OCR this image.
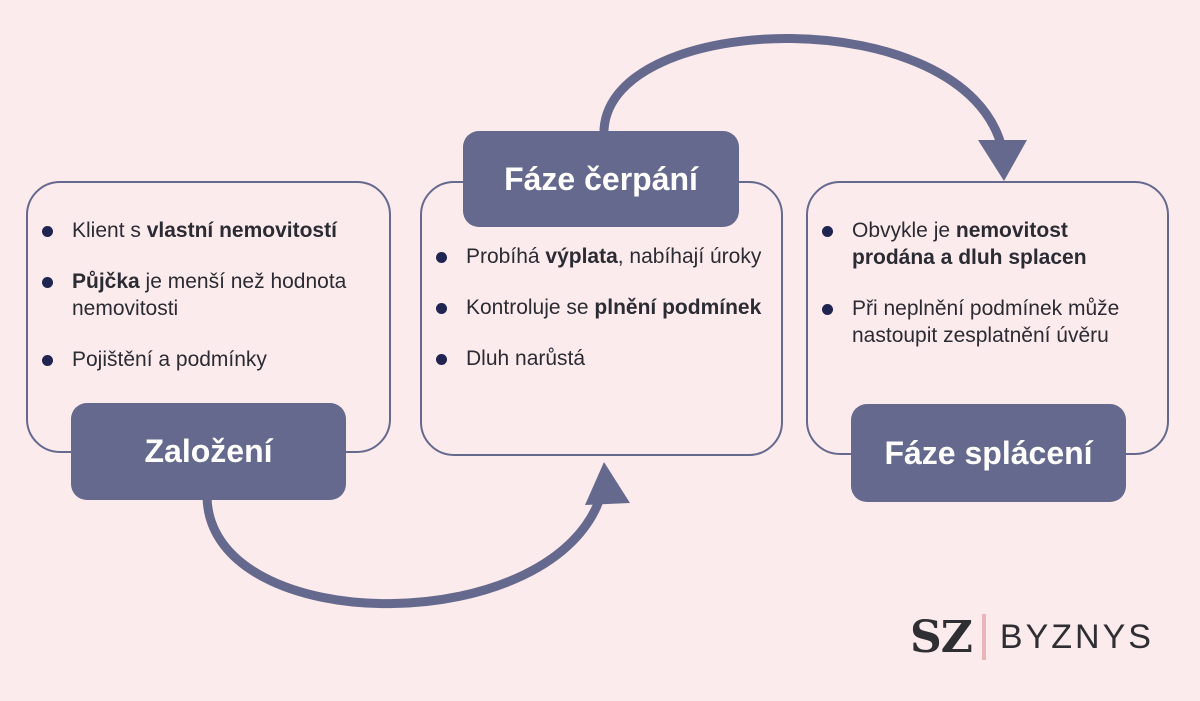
Klient s vlastní nemovitostí
Půjčka je menší než hodnota nemovitosti
Pojištění a podmínky
Založení
Probíhá výplata, nabíhají úroky
Kontroluje se plnění podmínek
Dluh narůstá
Fáze čerpání
Obvykle je nemovitost prodána a dluh splacen
Při neplnění podmínek může nastoupit zesplatnění úvěru
Fáze splácení
SZ BYZNYS
